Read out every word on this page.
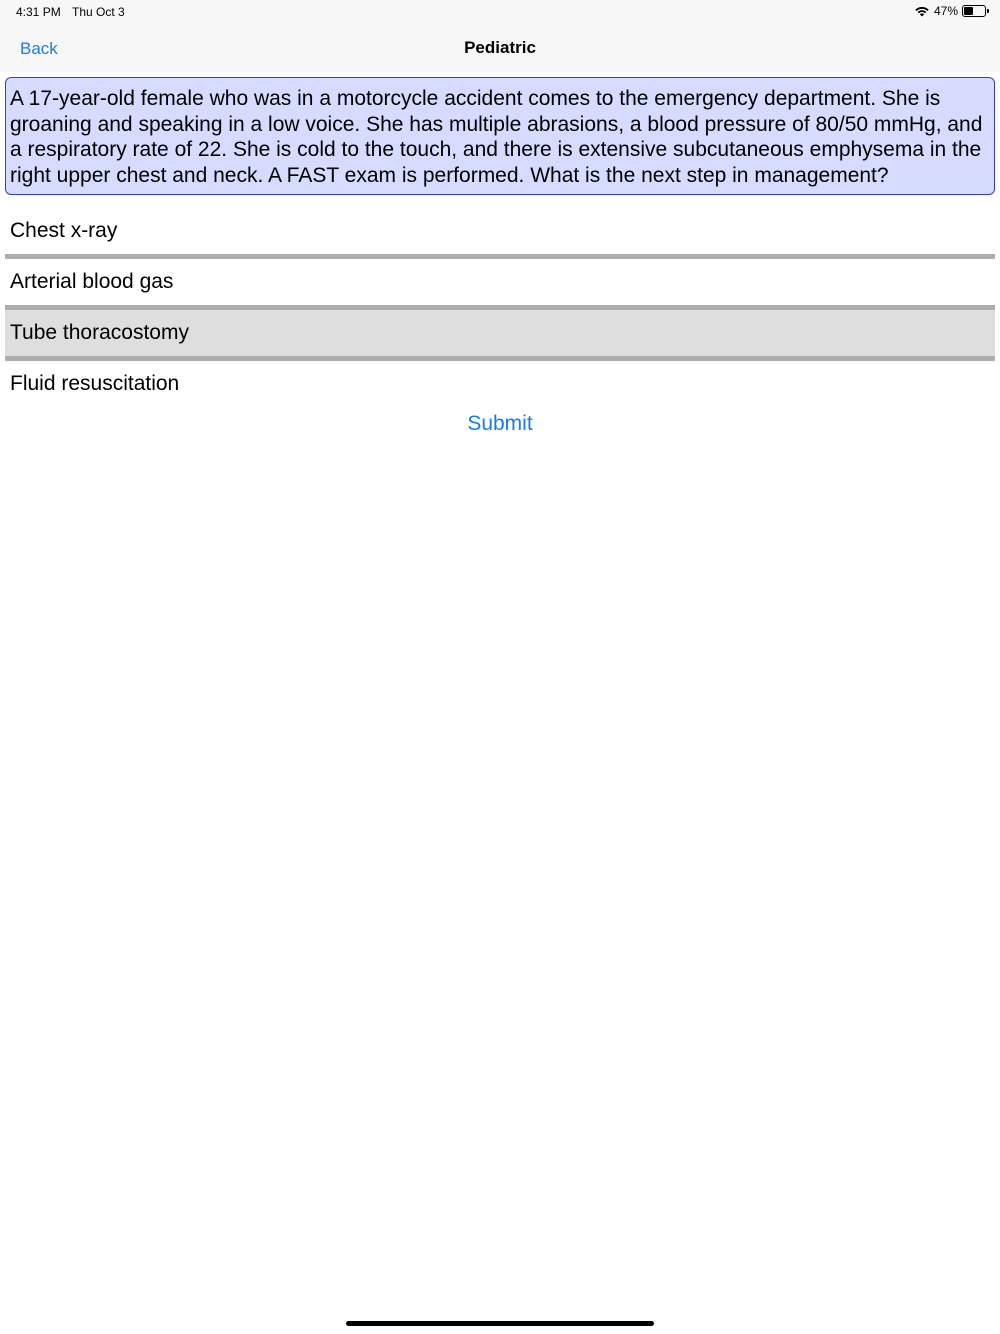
4:31 PM Thu Oct 3	47%
Back	Pediatric
A 17-year-old female who was in a motorcycle accident comes to the emergency department. She is groaning and speaking in a low voice. She has multiple abrasions, a blood pressure of 80/50 mmHg, and a respiratory rate of 22. She is cold to the touch, and there is extensive subcutaneous emphysema in the right upper chest and neck. A FAST exam is performed. What is the next step in management?
Chest x-ray
Arterial blood gas
Tube thoracostomy
Fluid resuscitation
Submit
